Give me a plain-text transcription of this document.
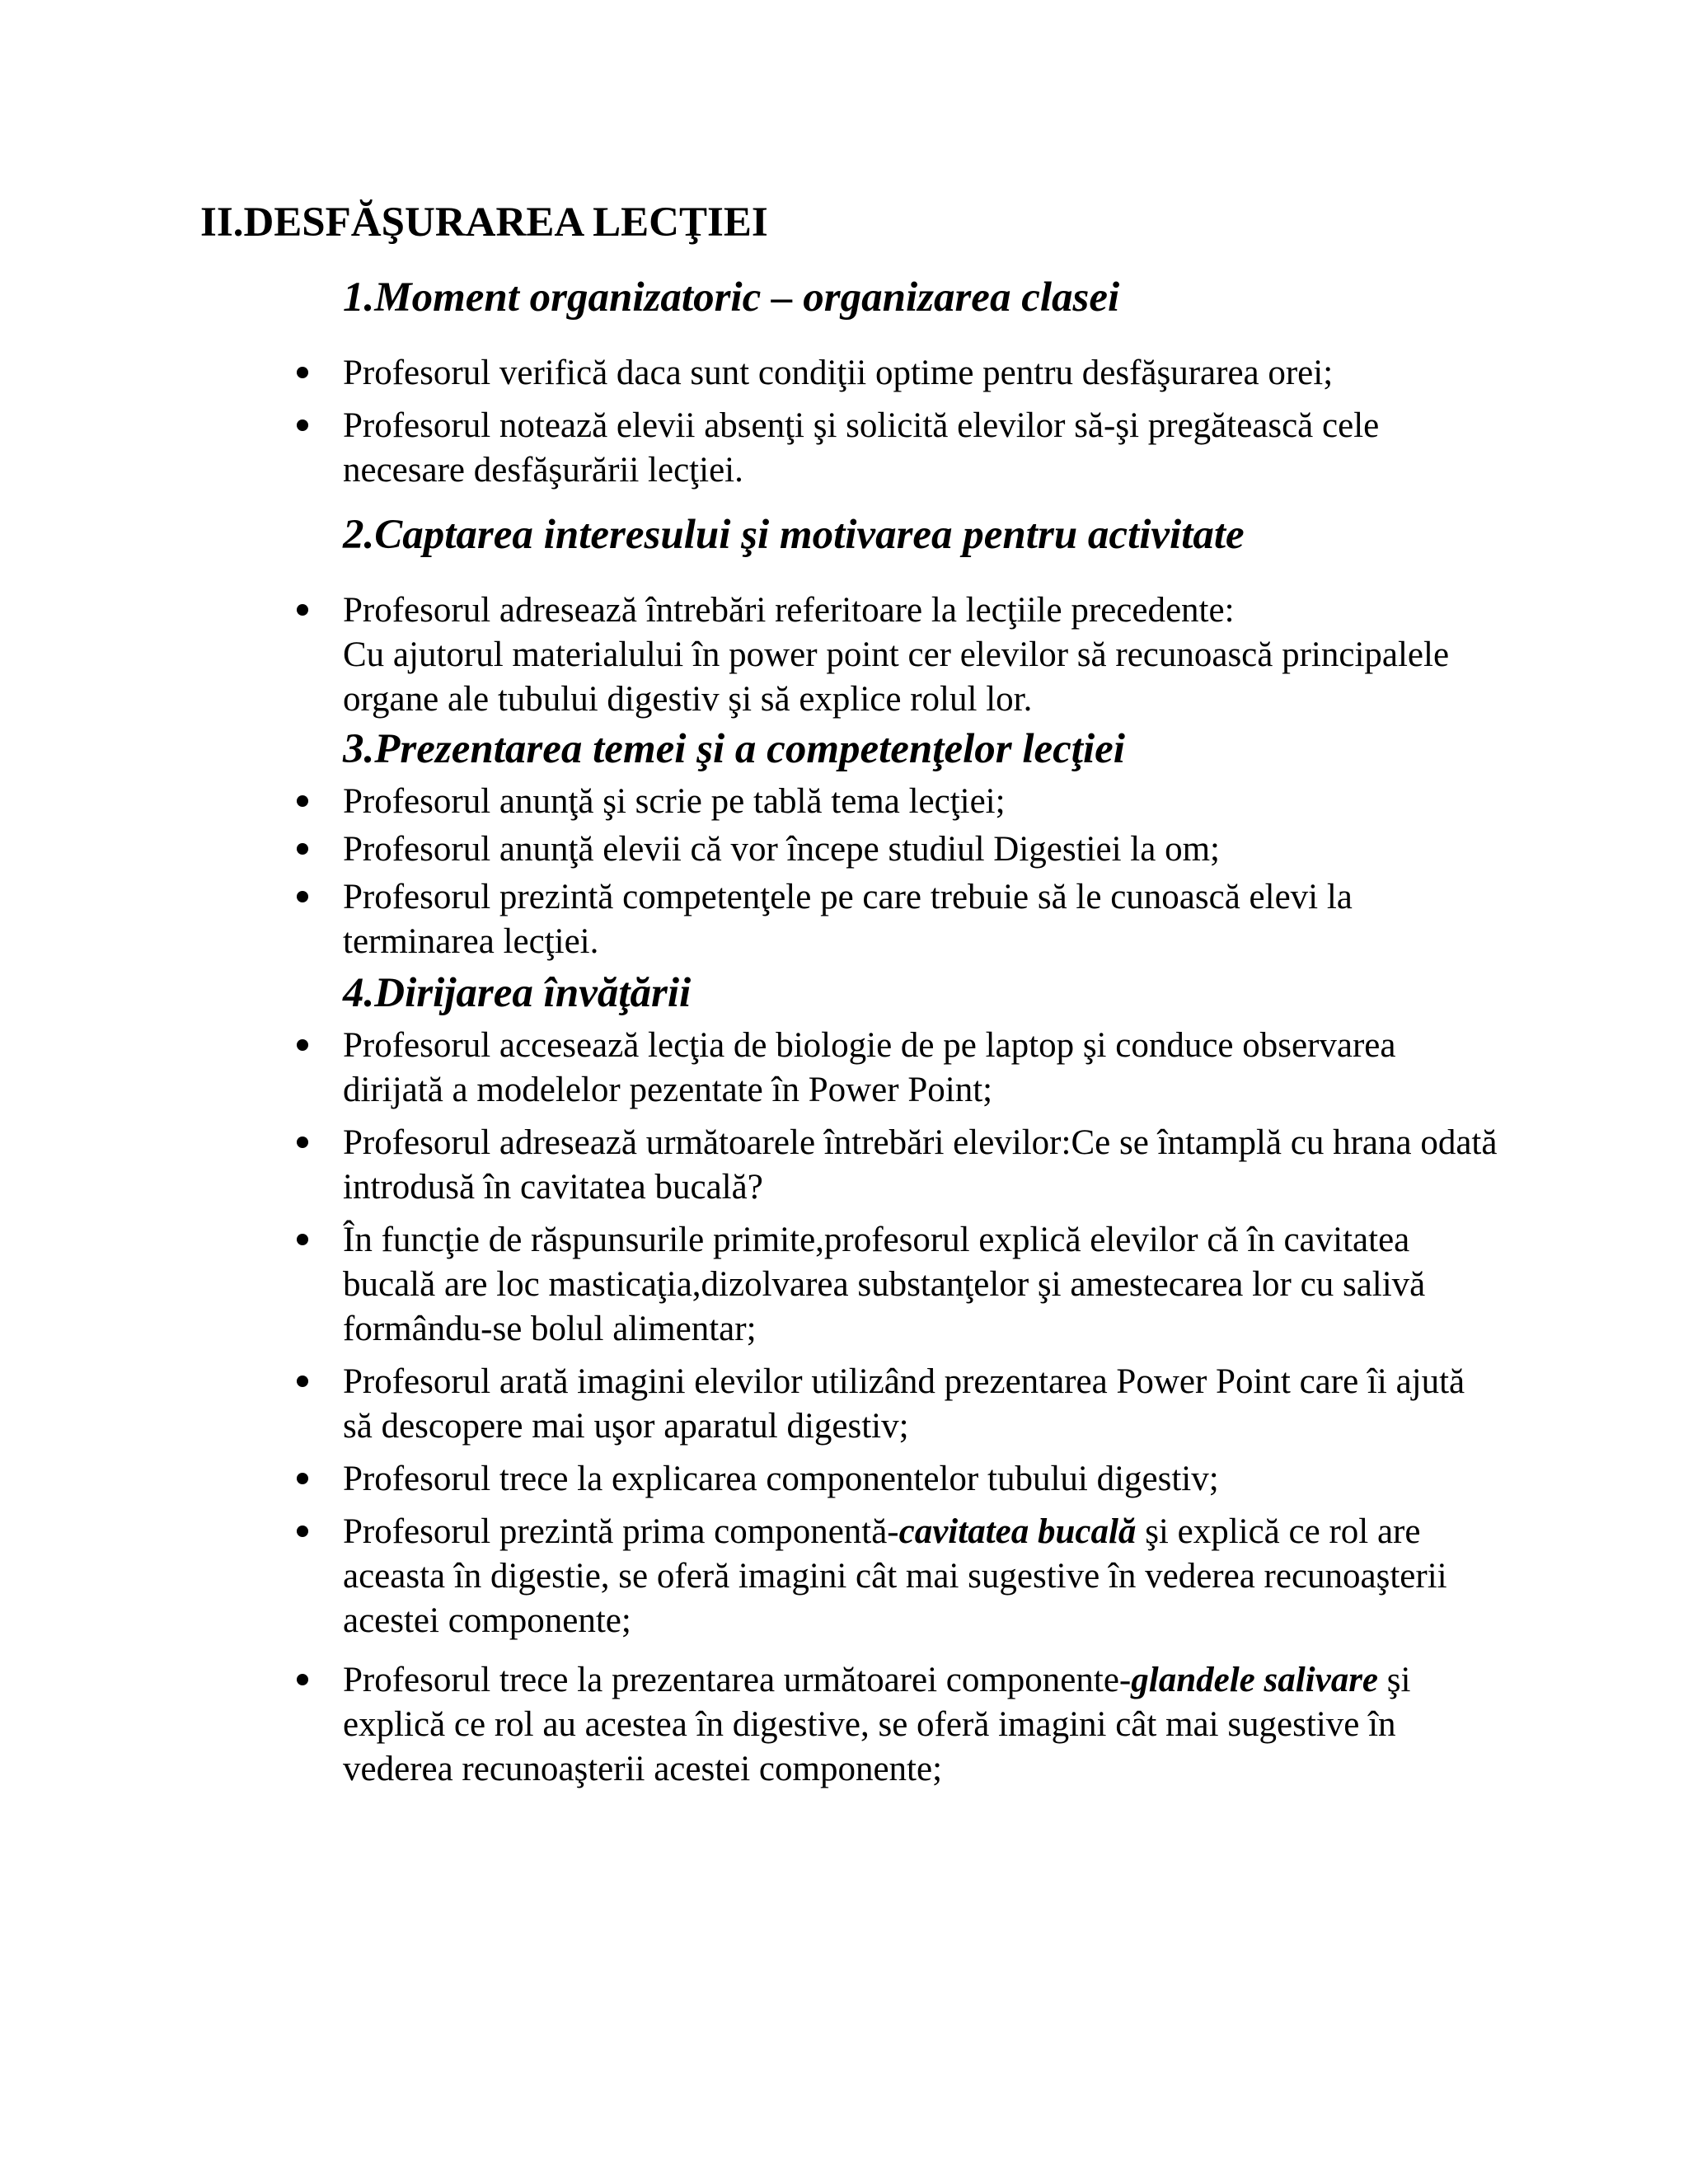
II.DESFĂŞURAREA LECŢIEI
1.Moment organizatoric – organizarea clasei
Profesorul verifică daca sunt condiţii optime pentru desfăşurarea orei;
Profesorul notează elevii absenţi şi solicită elevilor să-şi pregătească cele necesare desfăşurării lecţiei.
2.Captarea interesului şi motivarea pentru activitate
Profesorul adresează întrebări referitoare la lecţiile precedente:
Cu ajutorul materialului în power point cer elevilor să recunoască principalele organe ale tubului digestiv şi să explice rolul lor.
3.Prezentarea temei şi a competenţelor lecţiei
Profesorul anunţă şi scrie pe tablă tema lecţiei;
Profesorul anunţă elevii că vor începe studiul Digestiei la om;
Profesorul prezintă competenţele pe care trebuie să le cunoască elevi la terminarea lecţiei.
4.Dirijarea învăţării
Profesorul accesează lecţia de biologie de pe laptop şi conduce observarea dirijată a modelelor pezentate în Power Point;
Profesorul adresează următoarele întrebări elevilor:Ce se întamplă cu hrana odată introdusă în cavitatea bucală?
În funcţie de răspunsurile primite,profesorul explică elevilor că în cavitatea bucală are loc masticaţia,dizolvarea substanţelor şi amestecarea lor cu salivă formându-se bolul alimentar;
Profesorul arată imagini elevilor utilizând prezentarea Power Point care îi ajută să descopere mai uşor aparatul digestiv;
Profesorul trece la explicarea componentelor tubului digestiv;
Profesorul prezintă prima componentă-cavitatea bucală şi explică ce rol are aceasta în digestie, se oferă imagini cât mai sugestive în vederea recunoaşterii acestei componente;
Profesorul trece la prezentarea următoarei componente-glandele salivare şi explică ce rol au acestea în digestive, se oferă imagini cât mai sugestive în vederea recunoaşterii acestei componente;
